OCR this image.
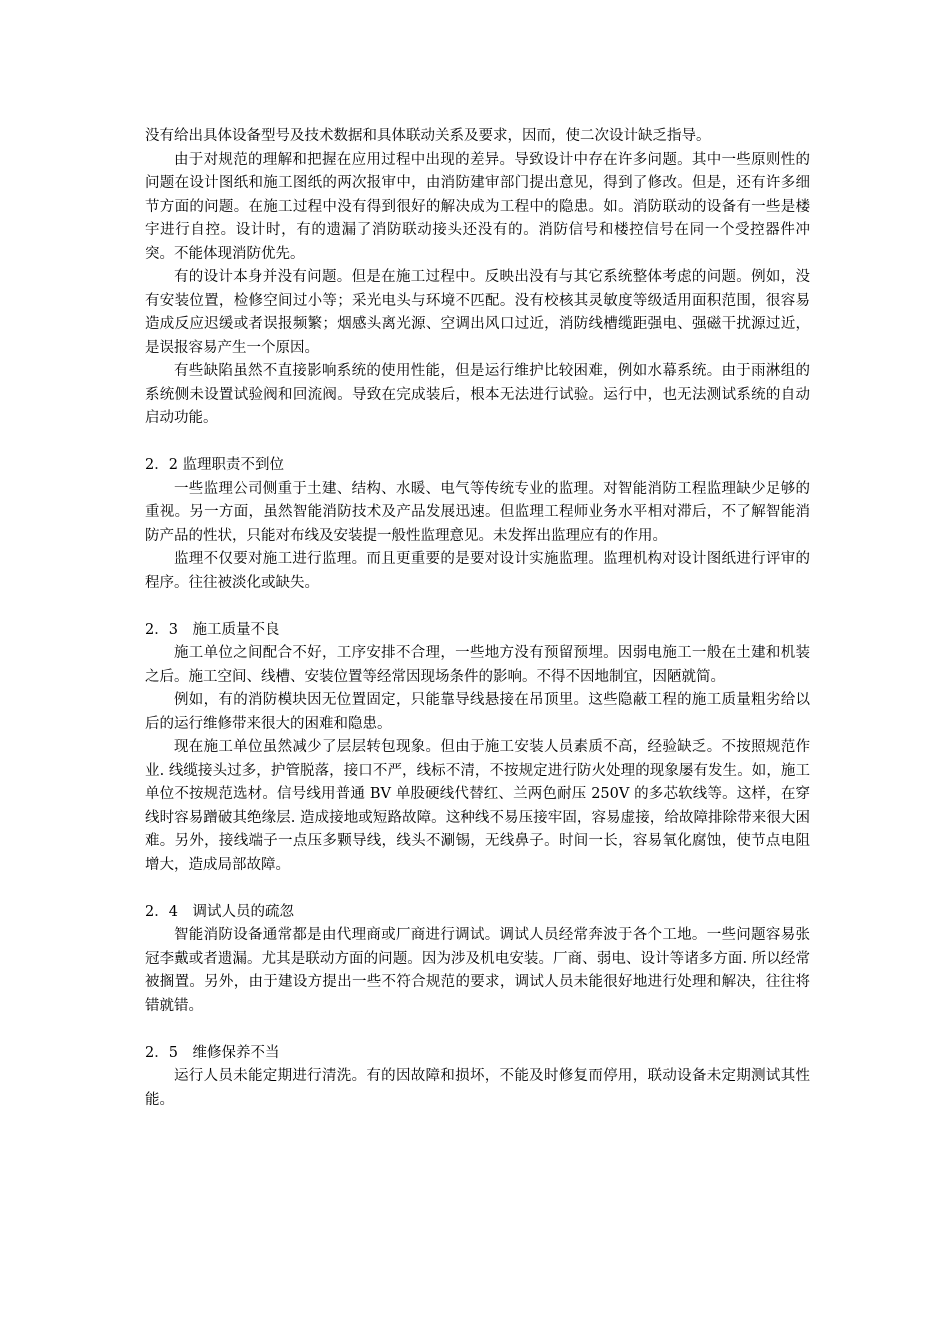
没有给出具体设备型号及技术数据和具体联动关系及要求，因而，使二次设计缺乏指导。

由于对规范的理解和把握在应用过程中出现的差异。导致设计中存在许多问题。其中一些原则性的问题在设计图纸和施工图纸的两次报审中，由消防建审部门提出意见，得到了修改。但是，还有许多细节方面的问题。在施工过程中没有得到很好的解决成为工程中的隐患。如。消防联动的设备有一些是楼宇进行自控。设计时，有的遗漏了消防联动接头还没有的。消防信号和楼控信号在同一个受控器件冲突。不能体现消防优先。

有的设计本身并没有问题。但是在施工过程中。反映出没有与其它系统整体考虑的问题。例如，没有安装位置，检修空间过小等；采光电头与环境不匹配。没有校核其灵敏度等级适用面积范围，很容易造成反应迟缓或者误报频繁；烟感头离光源、空调出风口过近，消防线槽缆距强电、强磁干扰源过近，是误报容易产生一个原因。

有些缺陷虽然不直接影响系统的使用性能，但是运行维护比较困难，例如水幕系统。由于雨淋组的系统侧未设置试验阀和回流阀。导致在完成装后，根本无法进行试验。运行中，也无法测试系统的自动启动功能。

2．2 监理职责不到位

一些监理公司侧重于土建、结构、水暖、电气等传统专业的监理。对智能消防工程监理缺少足够的重视。另一方面，虽然智能消防技术及产品发展迅速。但监理工程师业务水平相对滞后，不了解智能消防产品的性状，只能对布线及安装提一般性监理意见。未发挥出监理应有的作用。

监理不仅要对施工进行监理。而且更重要的是要对设计实施监理。监理机构对设计图纸进行评审的程序。往往被淡化或缺失。

2．3　施工质量不良

施工单位之间配合不好，工序安排不合理，一些地方没有预留预埋。因弱电施工一般在土建和机装之后。施工空间、线槽、安装位置等经常因现场条件的影响。不得不因地制宜，因陋就简。

例如，有的消防模块因无位置固定，只能靠导线悬接在吊顶里。这些隐蔽工程的施工质量粗劣给以后的运行维修带来很大的困难和隐患。

现在施工单位虽然减少了层层转包现象。但由于施工安装人员素质不高，经验缺乏。不按照规范作业. 线缆接头过多，护管脱落，接口不严，线标不清，不按规定进行防火处理的现象屡有发生。如，施工单位不按规范选材。信号线用普通 BV 单股硬线代替红、兰两色耐压 250V 的多芯软线等。这样，在穿线时容易蹭破其绝缘层. 造成接地或短路故障。这种线不易压接牢固，容易虚接，给故障排除带来很大困难。另外，接线端子一点压多颗导线，线头不涮锡，无线鼻子。时间一长，容易氧化腐蚀，使节点电阻增大，造成局部故障。

2．4　调试人员的疏忽

智能消防设备通常都是由代理商或厂商进行调试。调试人员经常奔波于各个工地。一些问题容易张冠李戴或者遗漏。尤其是联动方面的问题。因为涉及机电安装。厂商、弱电、设计等诸多方面. 所以经常被搁置。另外，由于建设方提出一些不符合规范的要求，调试人员未能很好地进行处理和解决，往往将错就错。

2．5　维修保养不当

运行人员未能定期进行清洗。有的因故障和损坏，不能及时修复而停用，联动设备未定期测试其性能。
